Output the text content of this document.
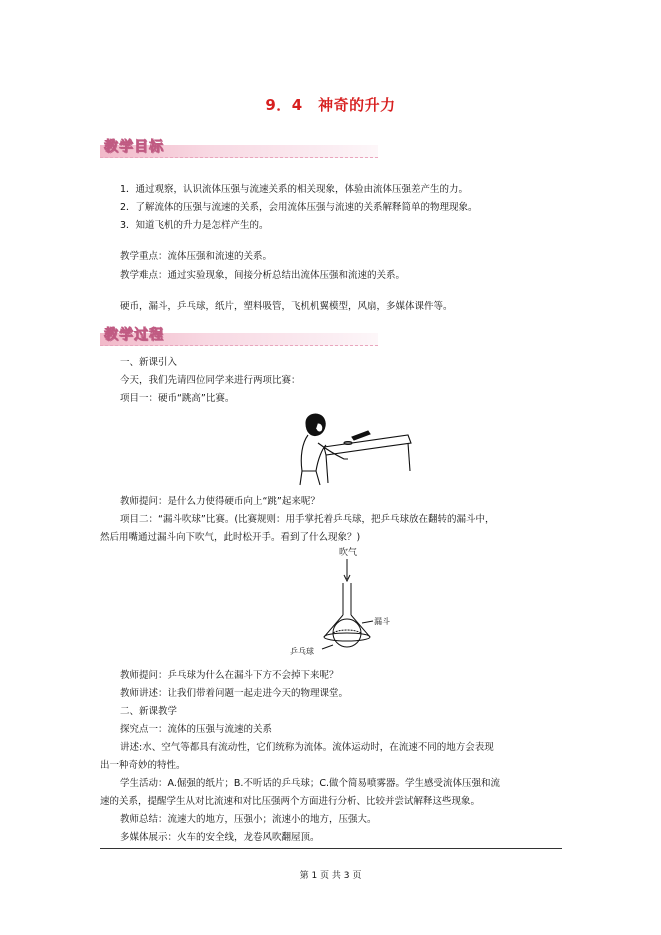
9．4　神奇的升力
教学目标
1．通过观察，认识流体压强与流速关系的相关现象，体验由流体压强差产生的力。
2．了解流体的压强与流速的关系，会用流体压强与流速的关系解释简单的物理现象。
3．知道飞机的升力是怎样产生的。
教学重点：流体压强和流速的关系。
教学难点：通过实验现象，间接分析总结出流体压强和流速的关系。
硬币，漏斗，乒乓球，纸片，塑料吸管，飞机机翼模型，风扇，多媒体课件等。
教学过程
一、新课引入
今天，我们先请四位同学来进行两项比赛：
项目一：硬币“跳高”比赛。
教师提问：是什么力使得硬币向上“跳”起来呢？
项目二：“漏斗吹球”比赛。(比赛规则：用手掌托着乒乓球，把乒乓球放在翻转的漏斗中，
然后用嘴通过漏斗向下吹气，此时松开手。看到了什么现象？)
吹气
漏斗
乒乓球
教师提问：乒乓球为什么在漏斗下方不会掉下来呢？
教师讲述：让我们带着问题一起走进今天的物理课堂。
二、新课教学
探究点一：流体的压强与流速的关系
讲述:水、空气等都具有流动性，它们统称为流体。流体运动时，在流速不同的地方会表现
出一种奇妙的特性。
学生活动：A.倔强的纸片；B.不听话的乒乓球；C.做个简易喷雾器。学生感受流体压强和流
速的关系，提醒学生从对比流速和对比压强两个方面进行分析、比较并尝试解释这些现象。
教师总结：流速大的地方，压强小；流速小的地方，压强大。
多媒体展示：火车的安全线，龙卷风吹翻屋顶。
第 1 页 共 3 页
